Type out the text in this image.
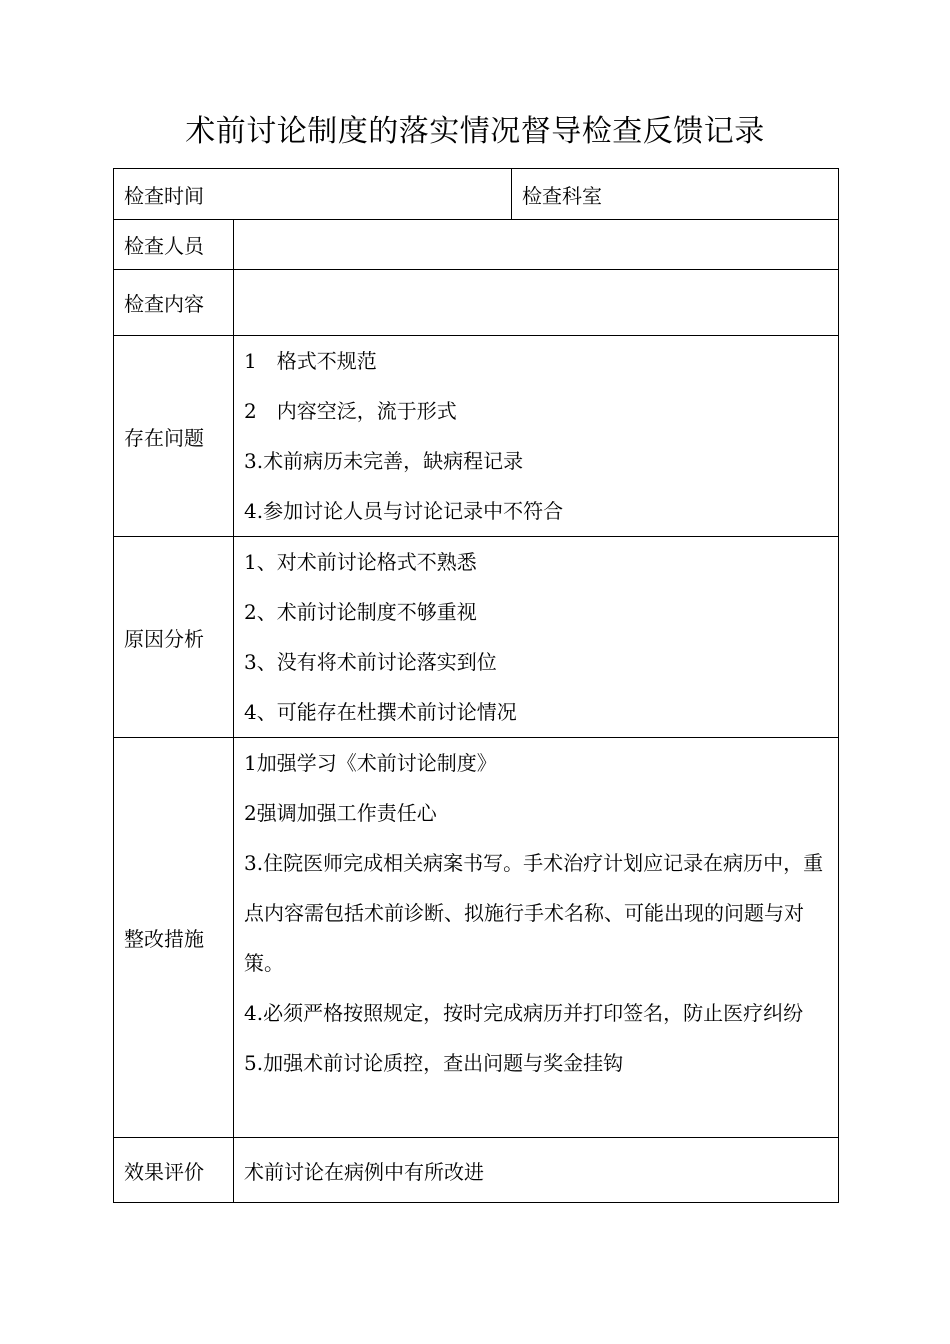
术前讨论制度的落实情况督导检查反馈记录
检查时间		检查科室
检查人员		
检查内容		
存在问题	1　格式不规范
2　内容空泛，流于形式
3.术前病历未完善，缺病程记录
4.参加讨论人员与讨论记录中不符合	

原因分析	1、对术前讨论格式不熟悉
2、术前讨论制度不够重视
3、没有将术前讨论落实到位
4、可能存在杜撰术前讨论情况	

整改措施	1加强学习《术前讨论制度》
2强调加强工作责任心
3.住院医师完成相关病案书写。手术治疗计划应记录在病历中，重点内容需包括术前诊断、拟施行手术名称、可能出现的问题与对策。
4.必须严格按照规定，按时完成病历并打印签名，防止医疗纠纷
5.加强术前讨论质控，查出问题与奖金挂钩	

效果评价	术前讨论在病例中有所改进	
